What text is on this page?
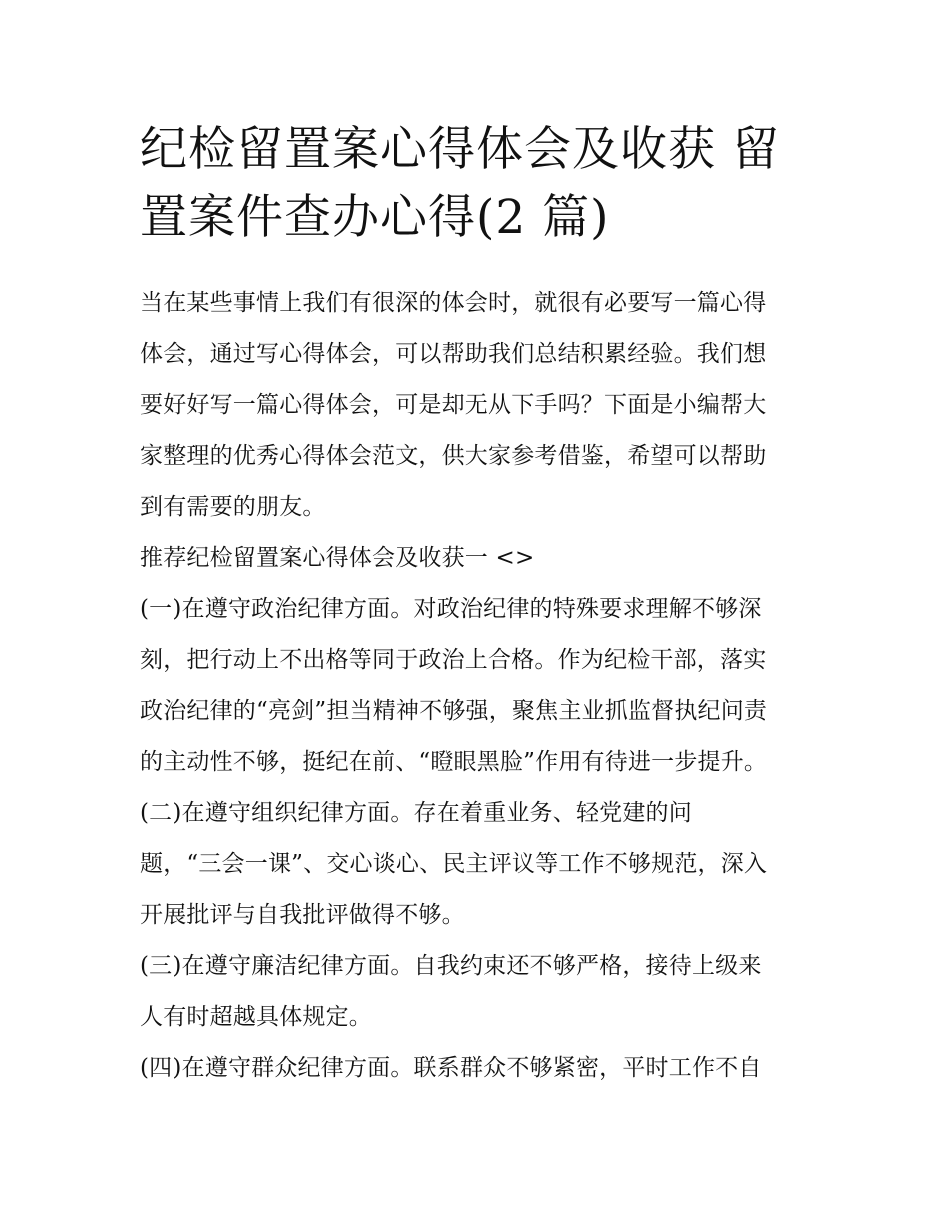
纪检留置案心得体会及收获 留
置案件查办心得(2 篇)
当在某些事情上我们有很深的体会时，就很有必要写一篇心得
体会，通过写心得体会，可以帮助我们总结积累经验。我们想
要好好写一篇心得体会，可是却无从下手吗？下面是小编帮大
家整理的优秀心得体会范文，供大家参考借鉴，希望可以帮助
到有需要的朋友。
推荐纪检留置案心得体会及收获一 <>
(一)在遵守政治纪律方面。对政治纪律的特殊要求理解不够深
刻，把行动上不出格等同于政治上合格。作为纪检干部，落实
政治纪律的“亮剑”担当精神不够强，聚焦主业抓监督执纪问责
的主动性不够，挺纪在前、“瞪眼黑脸”作用有待进一步提升。
(二)在遵守组织纪律方面。存在着重业务、轻党建的问
题，“三会一课”、交心谈心、民主评议等工作不够规范，深入
开展批评与自我批评做得不够。
(三)在遵守廉洁纪律方面。自我约束还不够严格，接待上级来
人有时超越具体规定。
(四)在遵守群众纪律方面。联系群众不够紧密，平时工作不自
